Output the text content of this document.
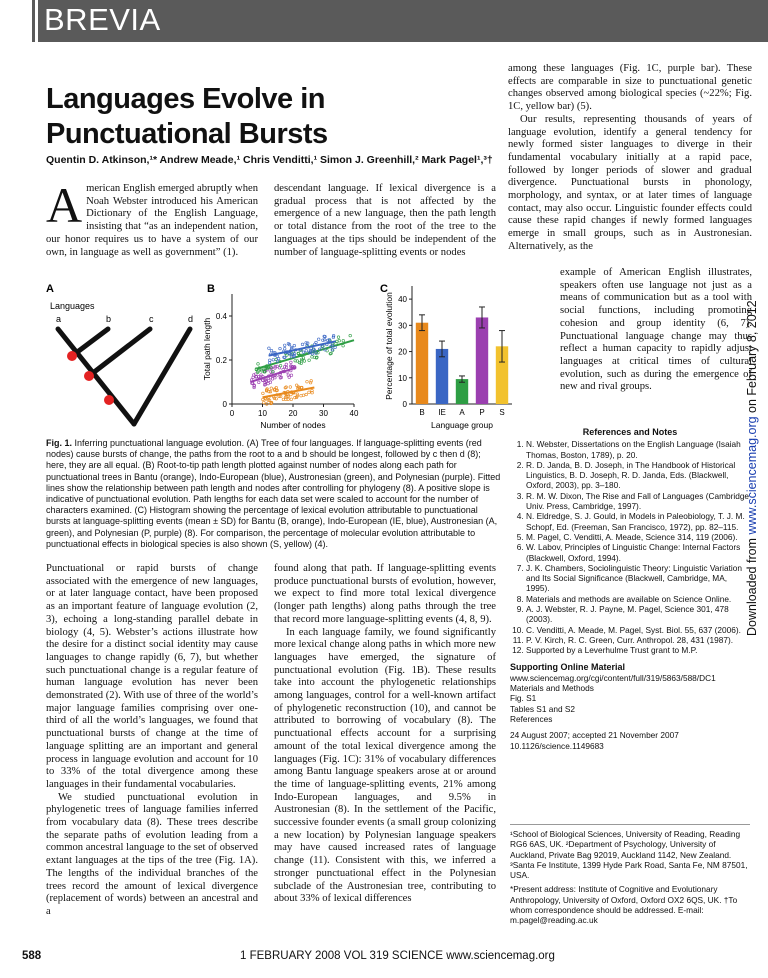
BREVIA
Languages Evolve in Punctuational Bursts
Quentin D. Atkinson,¹* Andrew Meade,¹ Chris Venditti,¹ Simon J. Greenhill,² Mark Pagel¹,³†

American English emerged abruptly when Noah Webster introduced his American Dictionary of the English Language, insisting that “as an independent nation, our honor requires us to have a system of our own, in language as well as government” (1).

descendant language. If lexical divergence is a gradual process that is not affected by the emergence of a new language, then the path length or total distance from the root of the tree to the languages at the tips should be independent of the number of language-splitting events or nodes

among these languages (Fig. 1C, purple bar). These effects are comparable in size to punctuational genetic changes observed among biological species (~22%; Fig. 1C, yellow bar) (5).

Our results, representing thousands of years of language evolution, identify a general tendency for newly formed sister languages to diverge in their fundamental vocabulary initially at a rapid pace, followed by longer periods of slower and gradual divergence. Punctuational bursts in phonology, morphology, and syntax, or at later times of language contact, may also occur. Linguistic founder effects could cause these rapid changes if newly formed languages emerge in small groups, such as in Austronesian. Alternatively, as the

example of American English illustrates, speakers often use language not just as a means of communication but as a tool with social functions, including promoting cohesion and group identity (6, 7). Punctuational language change may thus reflect a human capacity to rapidly adjust languages at critical times of cultural evolution, such as during the emergence of new and rival groups.

Downloaded from www.sciencemag.org on February 8, 2012
A
Languages
a	b	c	d
B
0	10	20	30	40
0
0.2
0.4
Number of nodes
Total path length
C
0
10
20
30
40
B IE A P S
Language group
Percentage of total evolution
Fig. 1. Inferring punctuational language evolution. (A) Tree of four languages. If language-splitting events (red nodes) cause bursts of change, the paths from the root to a and b should be longest, followed by c then d (8); here, they are all equal. (B) Root-to-tip path length plotted against number of nodes along each path for punctuational trees in Bantu (orange), Indo-European (blue), Austronesian (green), and Polynesian (purple). Fitted lines show the relationship between path length and nodes after controlling for phylogeny (8). A positive slope is indicative of punctuational evolution. Path lengths for each data set were scaled to account for the number of characters examined. (C) Histogram showing the percentage of lexical evolution attributable to punctuational bursts at language-splitting events (mean ± SD) for Bantu (B, orange), Indo-European (IE, blue), Austronesian (A, green), and Polynesian (P, purple) (8). For comparison, the percentage of molecular evolution attributable to punctuational effects in biological species is also shown (S, yellow) (4).

Punctuational or rapid bursts of change associated with the emergence of new languages, or at later language contact, have been proposed as an important feature of language evolution (2, 3), echoing a long-standing parallel debate in biology (4, 5). Webster’s actions illustrate how the desire for a distinct social identity may cause languages to change rapidly (6, 7), but whether such punctuational change is a regular feature of human language evolution has never been demonstrated (2). With use of three of the world’s major language families comprising over one-third of all the world’s languages, we found that punctuational bursts of change at the time of language splitting are an important and general process in language evolution and account for 10 to 33% of the total divergence among these languages in their fundamental vocabularies.

We studied punctuational evolution in phylogenetic trees of language families inferred from vocabulary data (8). These trees describe the separate paths of evolution leading from a common ancestral language to the set of observed extant languages at the tips of the tree (Fig. 1A). The lengths of the individual branches of the trees record the amount of lexical divergence (replacement of words) between an ancestral and a

found along that path. If language-splitting events produce punctuational bursts of evolution, however, we expect to find more total lexical divergence (longer path lengths) along paths through the tree that record more language-splitting events (4, 8, 9).

In each language family, we found significantly more lexical change along paths in which more new languages have emerged, the signature of punctuational evolution (Fig. 1B). These results take into account the phylogenetic relationships among languages, control for a well-known artifact of phylogenetic reconstruction (10), and cannot be attributed to borrowing of vocabulary (8). The punctuational effects account for a surprising amount of the total lexical divergence among the languages (Fig. 1C): 31% of vocabulary differences among Bantu language speakers arose at or around the time of language-splitting events, 21% among Indo-European languages, and 9.5% in Austronesian (8). In the settlement of the Pacific, successive founder events (a small group colonizing a new location) by Polynesian language speakers may have caused increased rates of language change (11). Consistent with this, we inferred a stronger punctuational effect in the Polynesian subclade of the Austronesian tree, contributing to about 33% of lexical differences

References and Notes
1. N. Webster, Dissertations on the English Language (Isaiah Thomas, Boston, 1789), p. 20.
2. R. D. Janda, B. D. Joseph, in The Handbook of Historical Linguistics, B. D. Joseph, R. D. Janda, Eds. (Blackwell, Oxford, 2003), pp. 3–180.
3. R. M. W. Dixon, The Rise and Fall of Languages (Cambridge Univ. Press, Cambridge, 1997).
4. N. Eldredge, S. J. Gould, in Models in Paleobiology, T. J. M. Schopf, Ed. (Freeman, San Francisco, 1972), pp. 82–115.
5. M. Pagel, C. Venditti, A. Meade, Science 314, 119 (2006).
6. W. Labov, Principles of Linguistic Change: Internal Factors (Blackwell, Oxford, 1994).
7. J. K. Chambers, Sociolinguistic Theory: Linguistic Variation and Its Social Significance (Blackwell, Cambridge, MA, 1995).
8. Materials and methods are available on Science Online.
9. A. J. Webster, R. J. Payne, M. Pagel, Science 301, 478 (2003).
10. C. Venditti, A. Meade, M. Pagel, Syst. Biol. 55, 637 (2006).
11. P. V. Kirch, R. C. Green, Curr. Anthropol. 28, 431 (1987).
12. Supported by a Leverhulme Trust grant to M.P.
Supporting Online Material
www.sciencemag.org/cgi/content/full/319/5863/588/DC1
Materials and Methods
Fig. S1
Tables S1 and S2
References
24 August 2007; accepted 21 November 2007
10.1126/science.1149683
¹School of Biological Sciences, University of Reading, Reading RG6 6AS, UK. ²Department of Psychology, University of Auckland, Private Bag 92019, Auckland 1142, New Zealand. ³Santa Fe Institute, 1399 Hyde Park Road, Santa Fe, NM 87501, USA.
*Present address: Institute of Cognitive and Evolutionary Anthropology, University of Oxford, Oxford OX2 6QS, UK. †To whom correspondence should be addressed. E-mail: m.pagel@reading.ac.uk
588	1 FEBRUARY 2008 VOL 319 SCIENCE www.sciencemag.org
